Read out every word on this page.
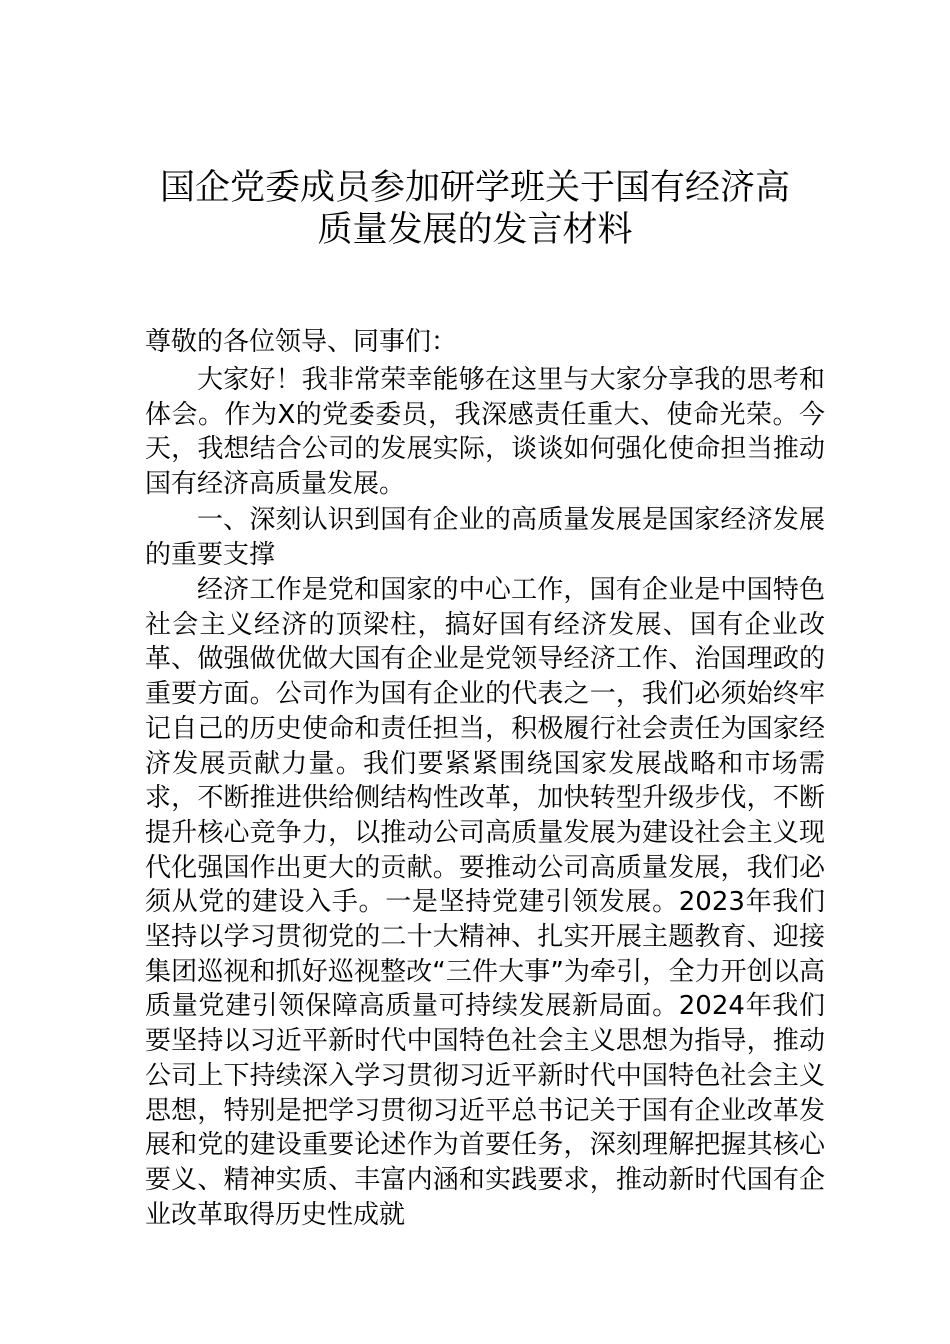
国企党委成员参加研学班关于国有经济高
质量发展的发言材料

尊敬的各位领导、同事们：

大家好！我非常荣幸能够在这里与大家分享我的思考和体会。作为X的党委委员，我深感责任重大、使命光荣。今天，我想结合公司的发展实际，谈谈如何强化使命担当推动国有经济高质量发展。

一、深刻认识到国有企业的高质量发展是国家经济发展的重要支撑

经济工作是党和国家的中心工作，国有企业是中国特色社会主义经济的顶梁柱，搞好国有经济发展、国有企业改革、做强做优做大国有企业是党领导经济工作、治国理政的重要方面。公司作为国有企业的代表之一，我们必须始终牢记自己的历史使命和责任担当，积极履行社会责任为国家经济发展贡献力量。我们要紧紧围绕国家发展战略和市场需求，不断推进供给侧结构性改革，加快转型升级步伐，不断提升核心竞争力，以推动公司高质量发展为建设社会主义现代化强国作出更大的贡献。要推动公司高质量发展，我们必须从党的建设入手。一是坚持党建引领发展。2023年我们坚持以学习贯彻党的二十大精神、扎实开展主题教育、迎接集团巡视和抓好巡视整改“三件大事”为牵引，全力开创以高质量党建引领保障高质量可持续发展新局面。2024年我们要坚持以习近平新时代中国特色社会主义思想为指导，推动公司上下持续深入学习贯彻习近平新时代中国特色社会主义思想，特别是把学习贯彻习近平总书记关于国有企业改革发展和党的建设重要论述作为首要任务，深刻理解把握其核心要义、精神实质、丰富内涵和实践要求，推动新时代国有企业改革取得历史性成就
